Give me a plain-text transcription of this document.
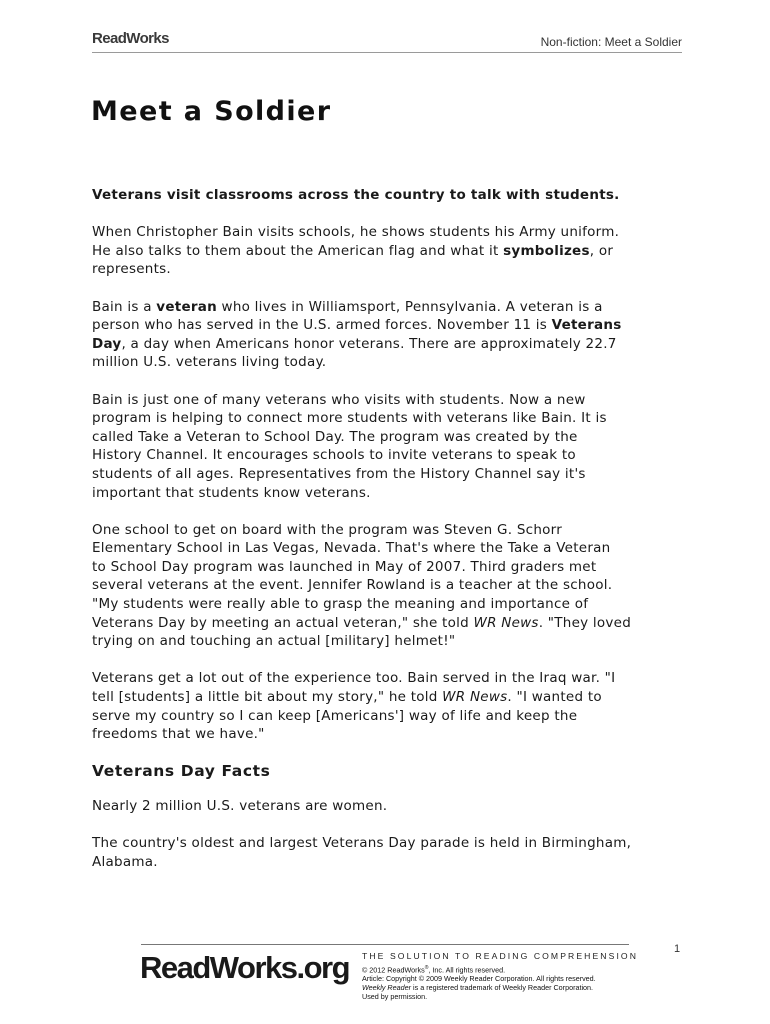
ReadWorks	Non-fiction: Meet a Soldier
Meet a Soldier

Veterans visit classrooms across the country to talk with students.

When Christopher Bain visits schools, he shows students his Army uniform.
He also talks to them about the American flag and what it symbolizes, or
represents.

Bain is a veteran who lives in Williamsport, Pennsylvania. A veteran is a
person who has served in the U.S. armed forces. November 11 is Veterans
Day, a day when Americans honor veterans. There are approximately 22.7
million U.S. veterans living today.

Bain is just one of many veterans who visits with students. Now a new
program is helping to connect more students with veterans like Bain. It is
called Take a Veteran to School Day. The program was created by the
History Channel. It encourages schools to invite veterans to speak to
students of all ages. Representatives from the History Channel say it's
important that students know veterans.

One school to get on board with the program was Steven G. Schorr
Elementary School in Las Vegas, Nevada. That's where the Take a Veteran
to School Day program was launched in May of 2007. Third graders met
several veterans at the event. Jennifer Rowland is a teacher at the school.
"My students were really able to grasp the meaning and importance of
Veterans Day by meeting an actual veteran," she told WR News. "They loved
trying on and touching an actual [military] helmet!"

Veterans get a lot out of the experience too. Bain served in the Iraq war. "I
tell [students] a little bit about my story," he told WR News. "I wanted to
serve my country so I can keep [Americans'] way of life and keep the
freedoms that we have."

Veterans Day Facts

Nearly 2 million U.S. veterans are women.

The country's oldest and largest Veterans Day parade is held in Birmingham,
Alabama.

1
ReadWorks.org THE SOLUTION TO READING COMPREHENSION
© 2012 ReadWorks®, Inc. All rights reserved.
Article: Copyright © 2009 Weekly Reader Corporation. All rights reserved.
Weekly Reader is a registered trademark of Weekly Reader Corporation.
Used by permission.
